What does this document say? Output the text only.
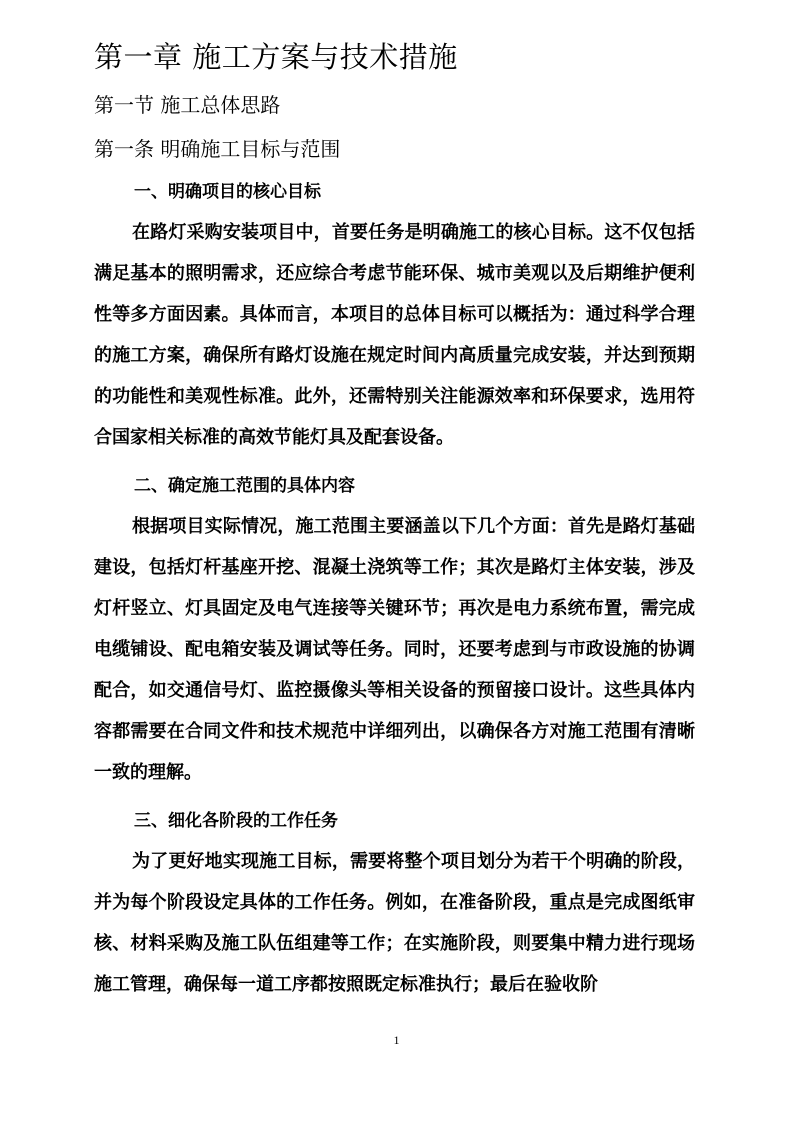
第一章 施工方案与技术措施
第一节 施工总体思路
第一条 明确施工目标与范围
一、明确项目的核心目标

在路灯采购安装项目中，首要任务是明确施工的核心目标。这不仅包括满足基本的照明需求，还应综合考虑节能环保、城市美观以及后期维护便利性等多方面因素。具体而言，本项目的总体目标可以概括为：通过科学合理的施工方案，确保所有路灯设施在规定时间内高质量完成安装，并达到预期的功能性和美观性标准。此外，还需特别关注能源效率和环保要求，选用符合国家相关标准的高效节能灯具及配套设备。

二、确定施工范围的具体内容

根据项目实际情况，施工范围主要涵盖以下几个方面：首先是路灯基础建设，包括灯杆基座开挖、混凝土浇筑等工作；其次是路灯主体安装，涉及灯杆竖立、灯具固定及电气连接等关键环节；再次是电力系统布置，需完成电缆铺设、配电箱安装及调试等任务。同时，还要考虑到与市政设施的协调配合，如交通信号灯、监控摄像头等相关设备的预留接口设计。这些具体内容都需要在合同文件和技术规范中详细列出，以确保各方对施工范围有清晰一致的理解。

三、细化各阶段的工作任务

为了更好地实现施工目标，需要将整个项目划分为若干个明确的阶段，并为每个阶段设定具体的工作任务。例如，在准备阶段，重点是完成图纸审核、材料采购及施工队伍组建等工作；在实施阶段，则要集中精力进行现场施工管理，确保每一道工序都按照既定标准执行；最后在验收阶

1
